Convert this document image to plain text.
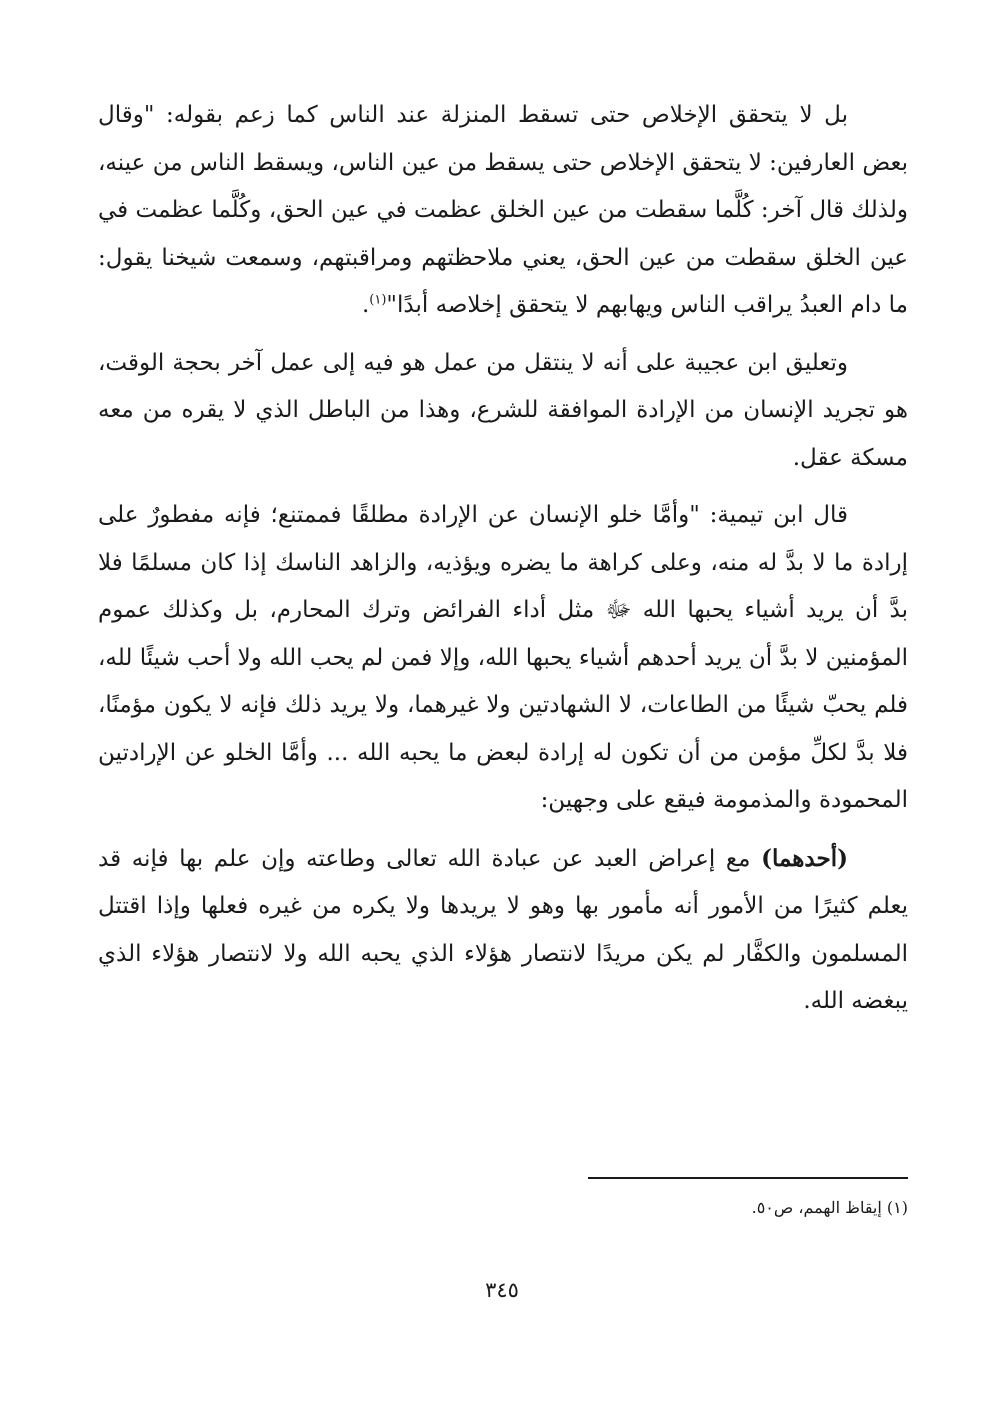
بل لا يتحقق الإخلاص حتى تسقط المنزلة عند الناس كما زعم بقوله: "وقال بعض العارفين: لا يتحقق الإخلاص حتى يسقط من عين الناس، ويسقط الناس من عينه، ولذلك قال آخر: كُلَّما سقطت من عين الخلق عظمت في عين الحق، وكُلَّما عظمت في عين الخلق سقطت من عين الحق، يعني ملاحظتهم ومراقبتهم، وسمعت شيخنا يقول: ما دام العبدُ يراقب الناس ويهابهم لا يتحقق إخلاصه أبدًا"$^{(١)}$.
وتعليق ابن عجيبة على أنه لا ينتقل من عمل هو فيه إلى عمل آخر بحجة الوقت، هو تجريد الإنسان من الإرادة الموافقة للشرع، وهذا من الباطل الذي لا يقره من معه مسكة عقل.
قال ابن تيمية: "وأمَّا خلو الإنسان عن الإرادة مطلقًا فممتنع؛ فإنه مفطورٌ على إرادة ما لا بدَّ له منه، وعلى كراهة ما يضره ويؤذيه، والزاهد الناسك إذا كان مسلمًا فلا بدَّ أن يريد أشياء يحبها الله ﷻ مثل أداء الفرائض وترك المحارم، بل وكذلك عموم المؤمنين لا بدَّ أن يريد أحدهم أشياء يحبها الله، وإلا فمن لم يحب الله ولا أحب شيئًا لله، فلم يحبّ شيئًا من الطاعات، لا الشهادتين ولا غيرهما، ولا يريد ذلك فإنه لا يكون مؤمنًا، فلا بدَّ لكلِّ مؤمن من أن تكون له إرادة لبعض ما يحبه الله ... وأمَّا الخلو عن الإرادتين المحمودة والمذمومة فيقع على وجهين:
(أحدهما) مع إعراض العبد عن عبادة الله تعالى وطاعته وإن علم بها فإنه قد يعلم كثيرًا من الأمور أنه مأمور بها وهو لا يريدها ولا يكره من غيره فعلها وإذا اقتتل المسلمون والكفَّار لم يكن مريدًا لانتصار هؤلاء الذي يحبه الله ولا لانتصار هؤلاء الذي يبغضه الله.
(١) إيقاظ الهمم، ص٥٠.
٣٤٥
